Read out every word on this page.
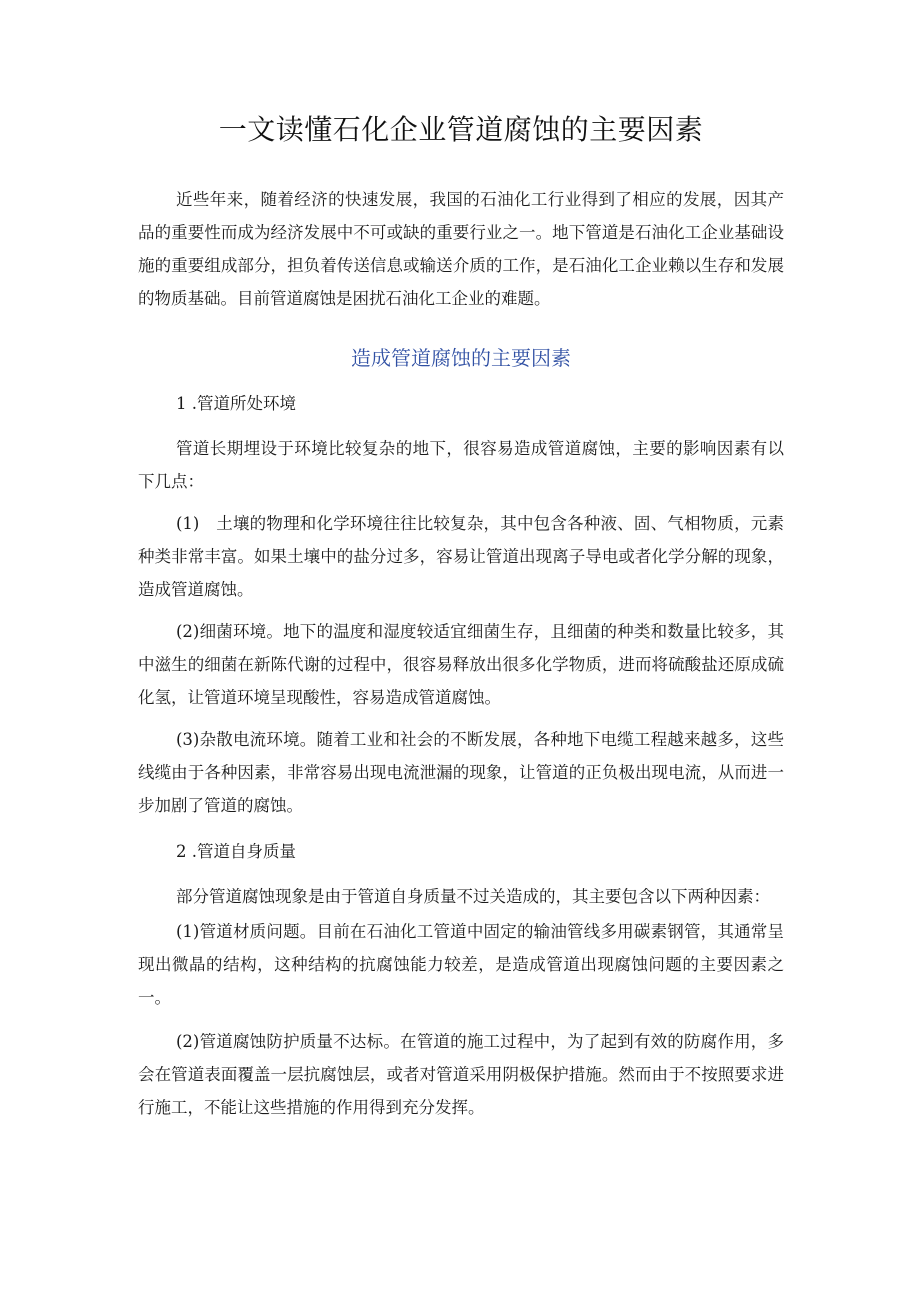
一文读懂石化企业管道腐蚀的主要因素

近些年来，随着经济的快速发展，我国的石油化工行业得到了相应的发展，因其产品的重要性而成为经济发展中不可或缺的重要行业之一。地下管道是石油化工企业基础设施的重要组成部分，担负着传送信息或输送介质的工作，是石油化工企业赖以生存和发展的物质基础。目前管道腐蚀是困扰石油化工企业的难题。

造成管道腐蚀的主要因素

1 .管道所处环境

管道长期埋设于环境比较复杂的地下，很容易造成管道腐蚀，主要的影响因素有以下几点：

(1)　土壤的物理和化学环境往往比较复杂，其中包含各种液、固、气相物质，元素种类非常丰富。如果土壤中的盐分过多，容易让管道出现离子导电或者化学分解的现象，造成管道腐蚀。

(2)细菌环境。地下的温度和湿度较适宜细菌生存，且细菌的种类和数量比较多，其中滋生的细菌在新陈代谢的过程中，很容易释放出很多化学物质，进而将硫酸盐还原成硫化氢，让管道环境呈现酸性，容易造成管道腐蚀。

(3)杂散电流环境。随着工业和社会的不断发展，各种地下电缆工程越来越多，这些线缆由于各种因素，非常容易出现电流泄漏的现象，让管道的正负极出现电流，从而进一步加剧了管道的腐蚀。

2 .管道自身质量

部分管道腐蚀现象是由于管道自身质量不过关造成的，其主要包含以下两种因素：

(1)管道材质问题。目前在石油化工管道中固定的输油管线多用碳素钢管，其通常呈现出微晶的结构，这种结构的抗腐蚀能力较差，是造成管道出现腐蚀问题的主要因素之一。

(2)管道腐蚀防护质量不达标。在管道的施工过程中，为了起到有效的防腐作用，多会在管道表面覆盖一层抗腐蚀层，或者对管道采用阴极保护措施。然而由于不按照要求进行施工，不能让这些措施的作用得到充分发挥。
